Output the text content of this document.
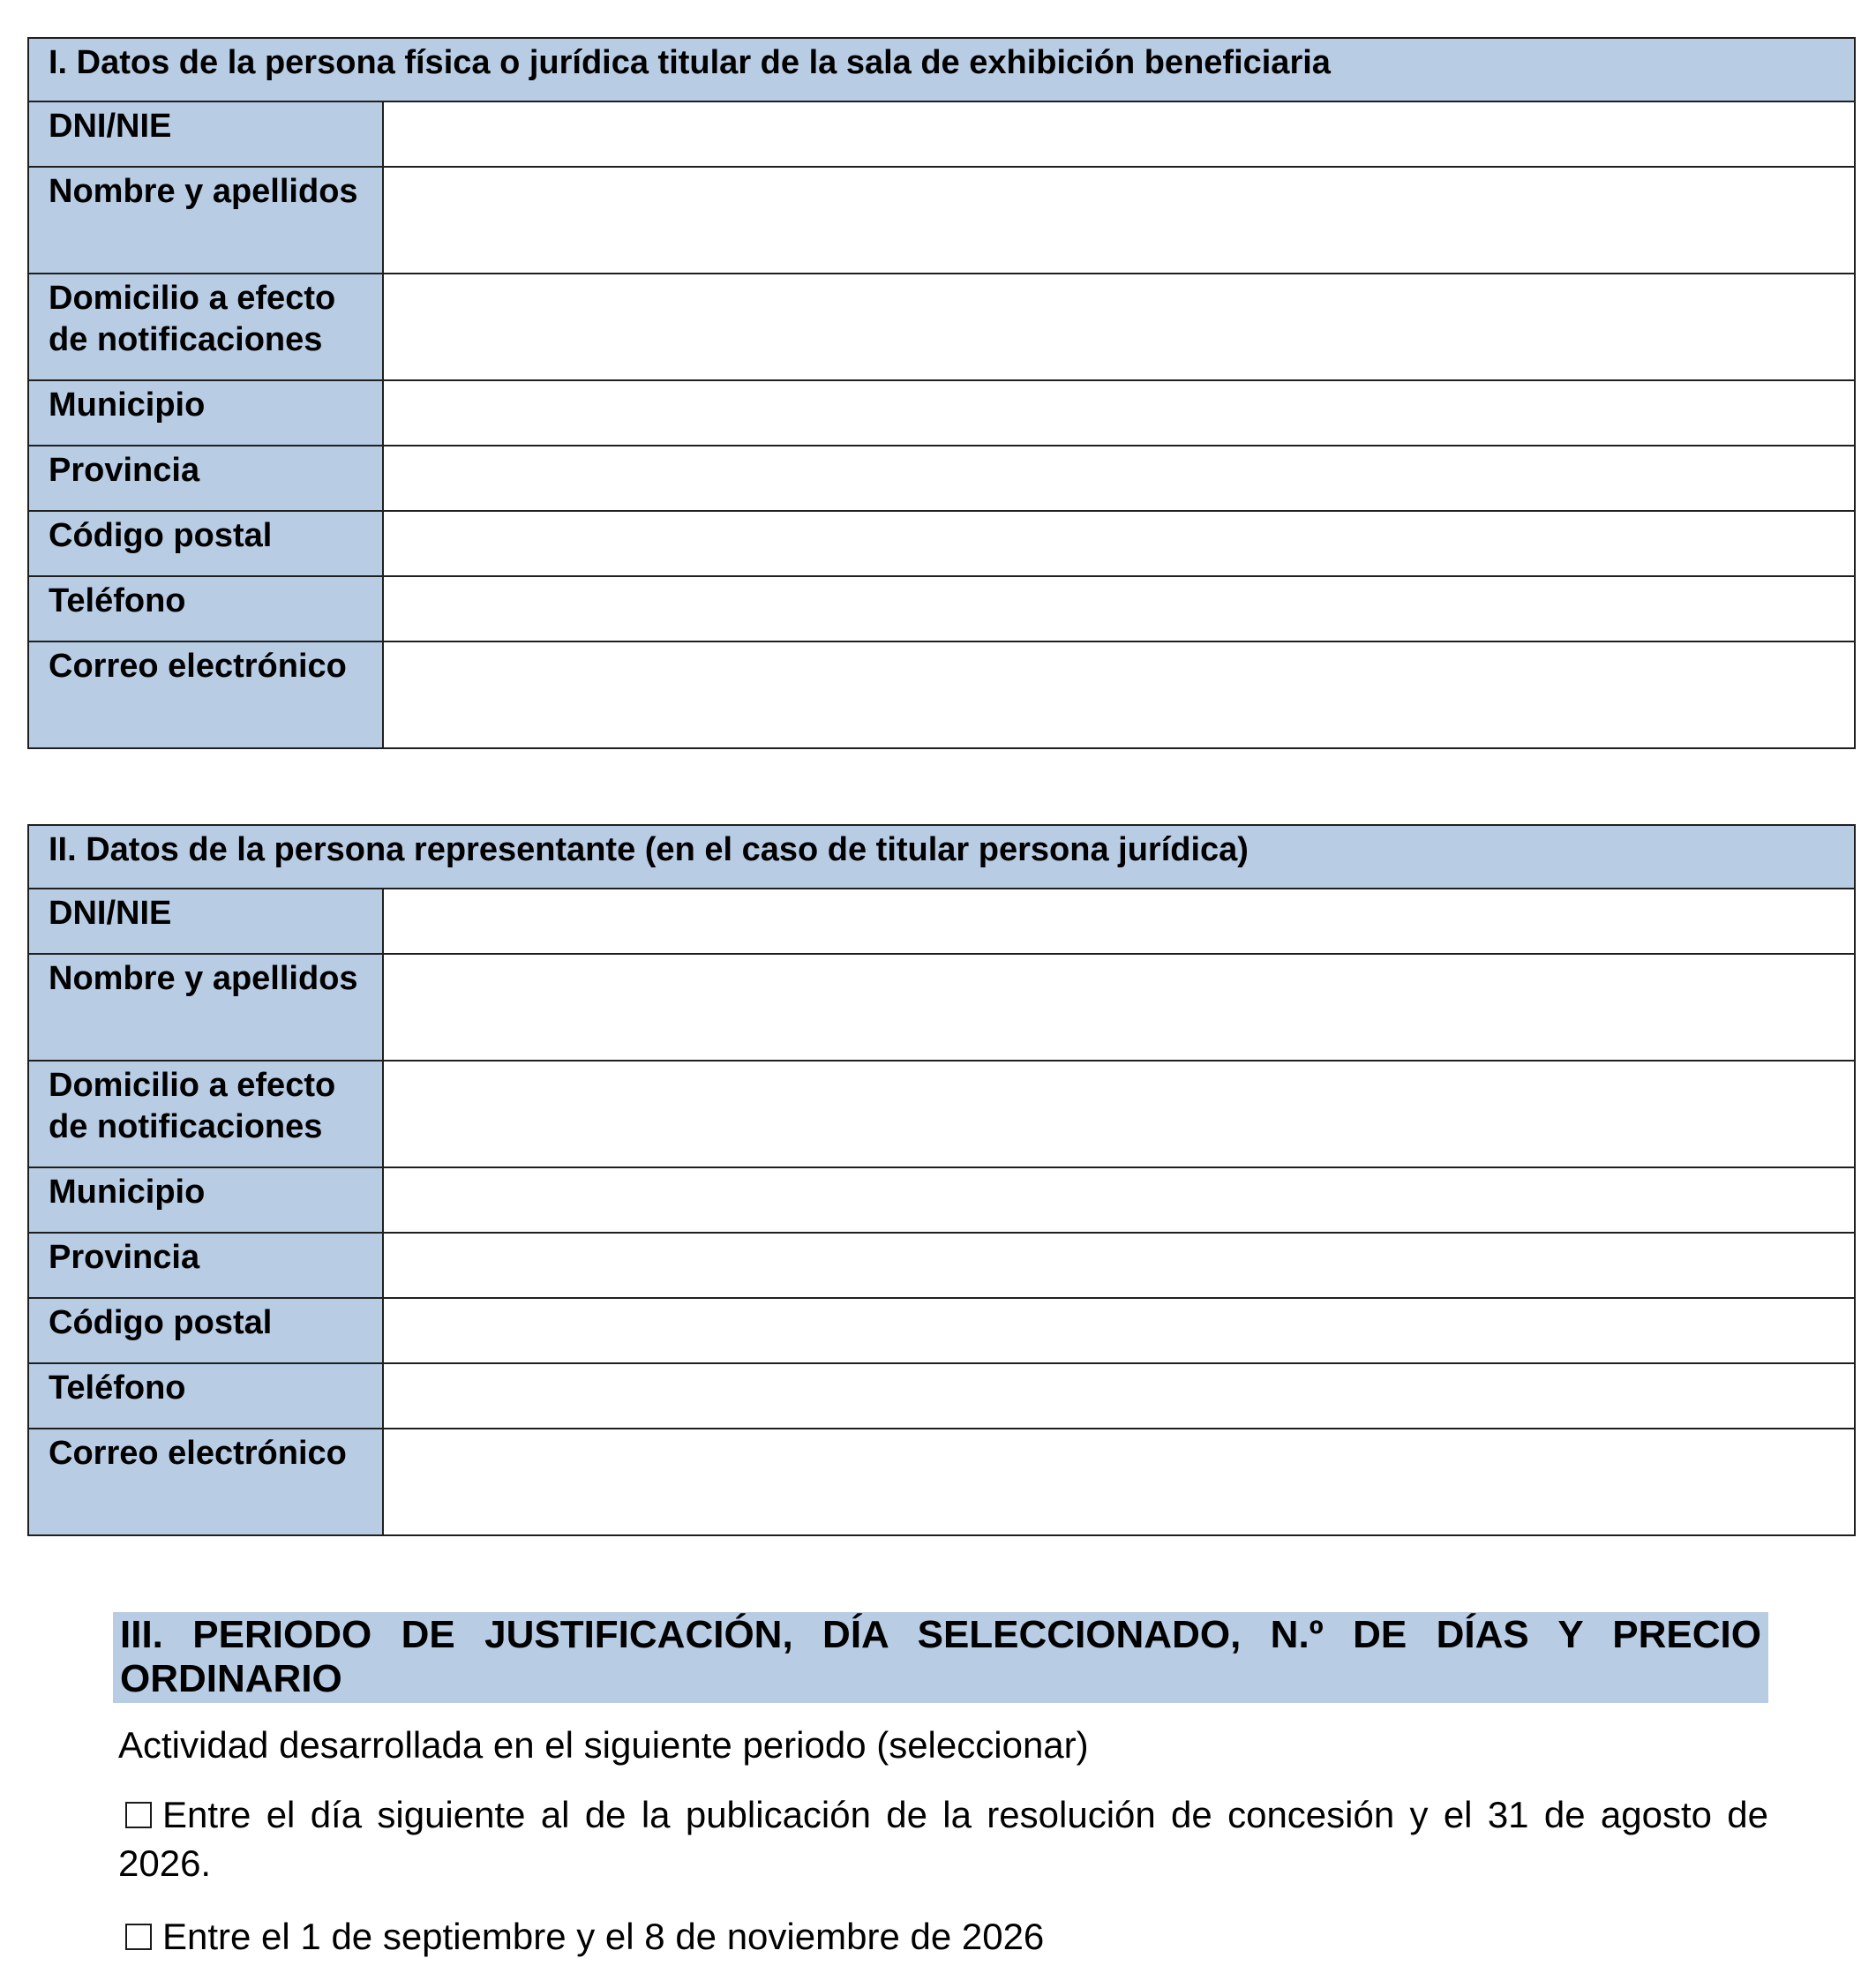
I. Datos de la persona física o jurídica titular de la sala de exhibición beneficiaria	
DNI/NIE	
Nombre y apellidos	
Domicilio a efecto de notificaciones	
Municipio	
Provincia	
Código postal	
Teléfono	
Correo electrónico	
II. Datos de la persona representante (en el caso de titular persona jurídica)	
DNI/NIE	
Nombre y apellidos	
Domicilio a efecto de notificaciones	
Municipio	
Provincia	
Código postal	
Teléfono	
Correo electrónico	
III. PERIODO DE JUSTIFICACIÓN, DÍA SELECCIONADO, N.º DE DÍAS Y PRECIO
ORDINARIO
Actividad desarrollada en el siguiente periodo (seleccionar)
Entre el día siguiente al de la publicación de la resolución de concesión y el 31 de agosto de 2026.
Entre el 1 de septiembre y el 8 de noviembre de 2026
